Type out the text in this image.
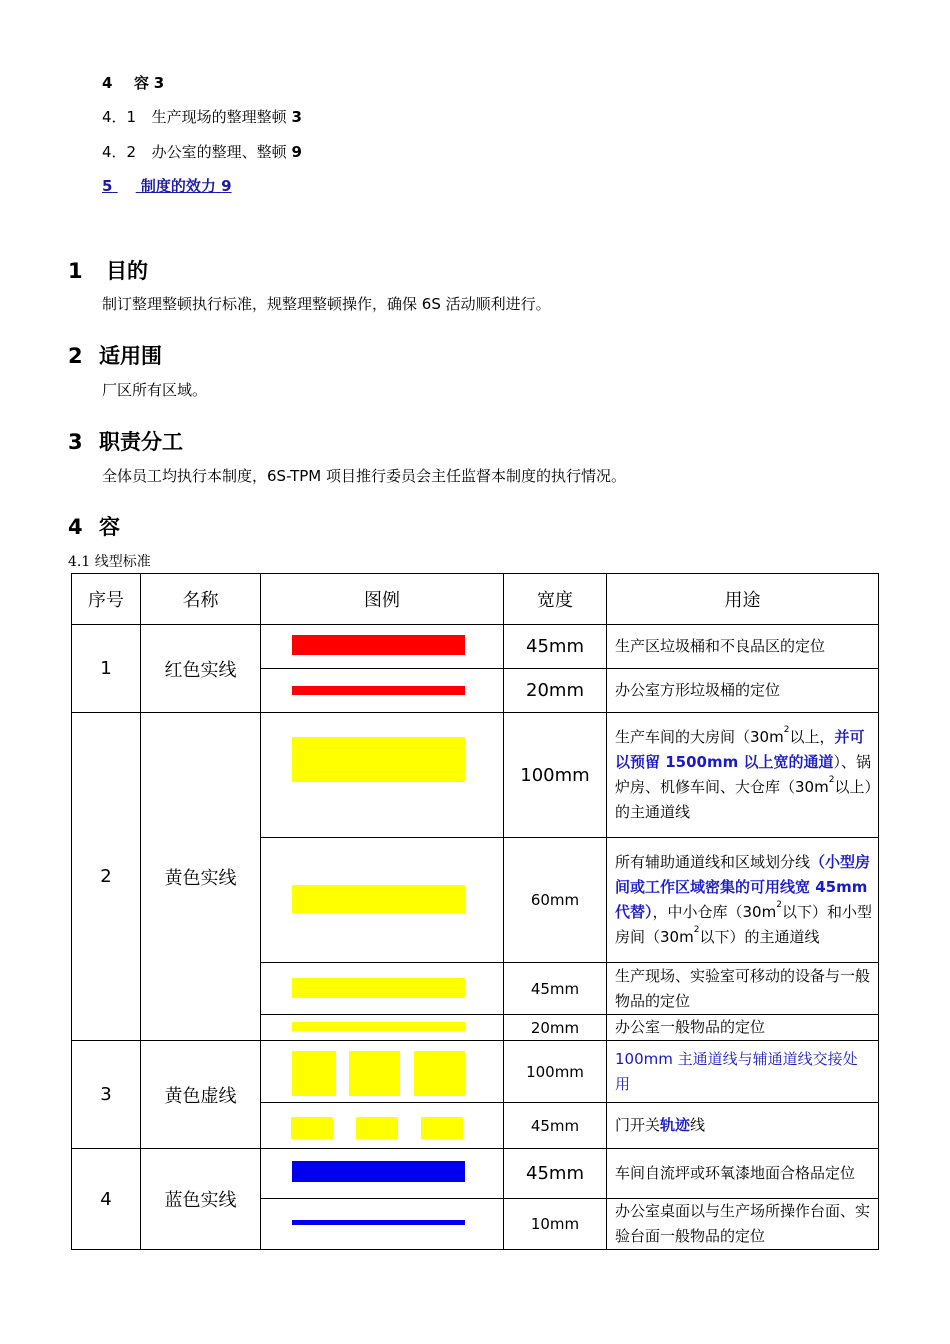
4 容 3
4．1 生产现场的整理整顿 3
4．2 办公室的整理、整顿 9
5 制度的效力 9
1 目的
制订整理整顿执行标准，规整理整顿操作，确保 6S 活动顺利进行。
2 适用围
厂区所有区域。
3 职责分工
全体员工均执行本制度，6S-TPM 项目推行委员会主任监督本制度的执行情况。
4 容
4.1 线型标准
序号	名称	图例	宽度	用途
1	红色实线		45mm	生产区垃圾桶和不良品区的定位

			20mm	办公室方形垃圾桶的定位
2	黄色实线		100mm	生产车间的大房间（$30m^2$以上，并可以预留 1500mm 以上宽的通道）、锅炉房、机修车间、大仓库（$30m^2$以上）的主通道线

			60mm	所有辅助通道线和区域划分线（小型房间或工作区域密集的可用线宽 45mm 代替），中小仓库（$30m^2$以下）和小型房间（$30m^2$以下）的主通道线

			45mm	生产现场、实验室可移动的设备与一般物品的定位

			20mm	办公室一般物品的定位
3	黄色虚线		100mm	100mm 主通道线与辅通道线交接处用

			45mm	门开关轨迹线
4	蓝色实线		45mm	车间自流坪或环氧漆地面合格品定位

			10mm	办公室桌面以与生产场所操作台面、实验台面一般物品的定位
